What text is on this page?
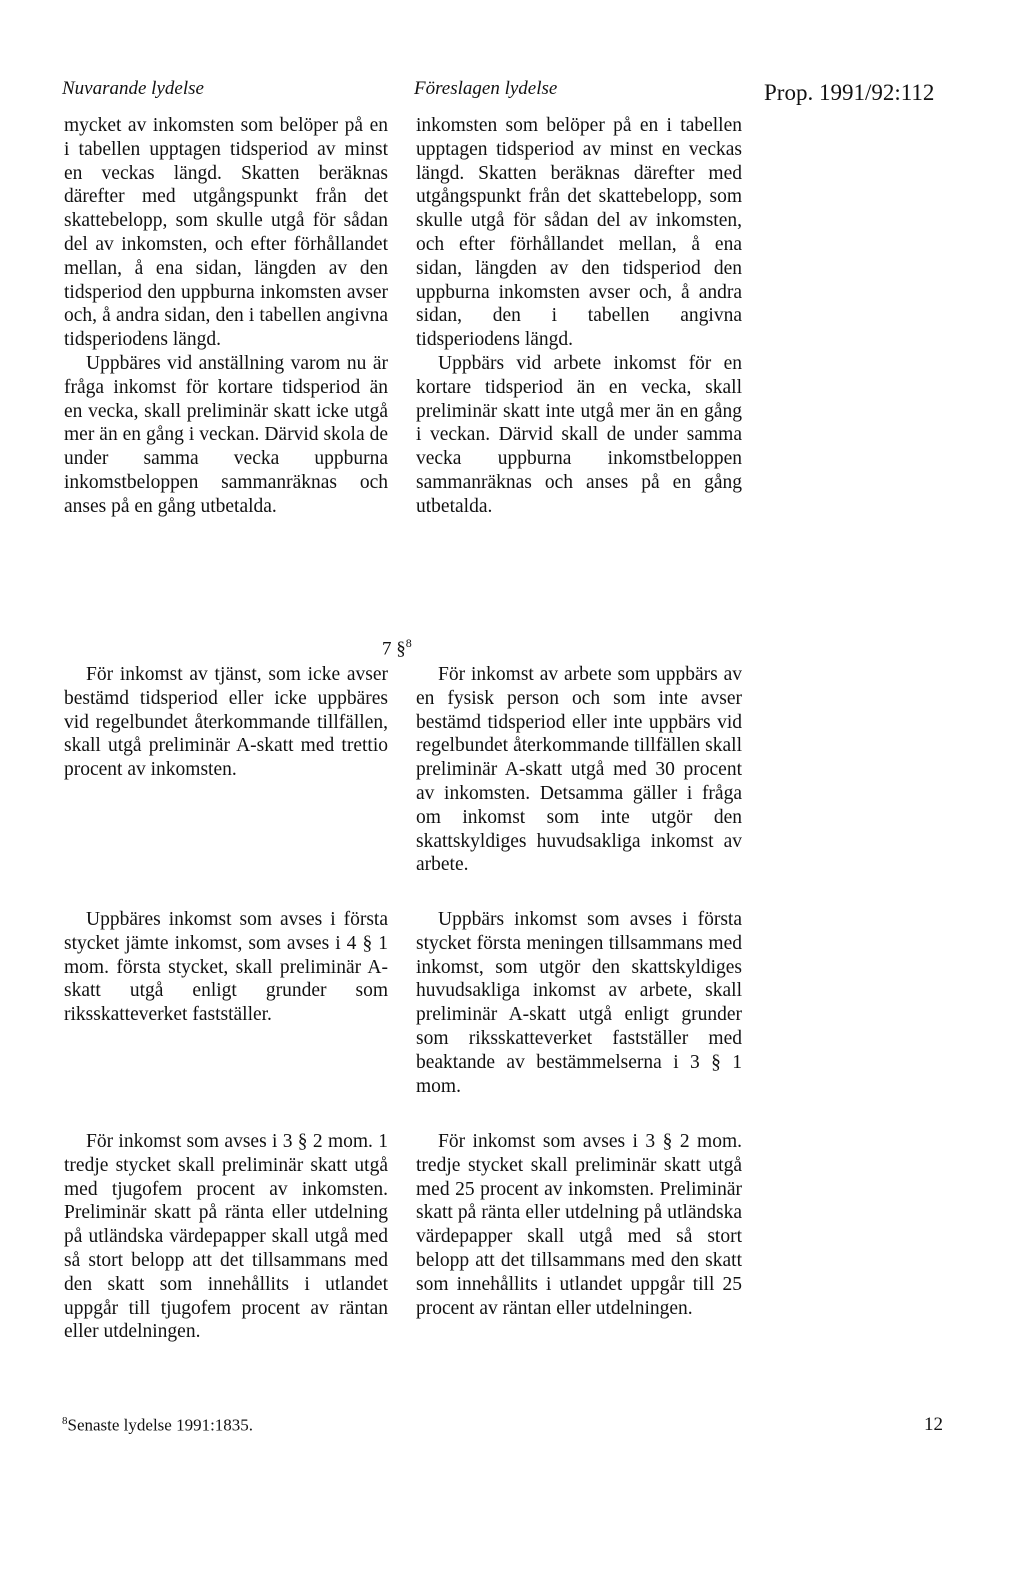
Nuvarande lydelse	Föreslagen lydelse	Prop. 1991/92:112

mycket av inkomsten som belöper på en i tabellen upptagen tidsperiod av minst en veckas längd. Skatten beräknas därefter med utgångspunkt från det skattebelopp, som skulle utgå för sådan del av inkomsten, och efter förhållandet mellan, å ena sidan, längden av den tidsperiod den uppburna inkomsten avser och, å andra sidan, den i tabellen angivna tidsperiodens längd.

Uppbäres vid anställning varom nu är fråga inkomst för kortare tidsperiod än en vecka, skall preliminär skatt icke utgå mer än en gång i veckan. Därvid skola de under samma vecka uppburna inkomstbeloppen sammanräknas och anses på en gång utbetalda.

inkomsten som belöper på en i tabellen upptagen tidsperiod av minst en veckas längd. Skatten beräknas därefter med utgångspunkt från det skattebelopp, som skulle utgå för sådan del av inkomsten, och efter förhållandet mellan, å ena sidan, längden av den tidsperiod den uppburna inkomsten avser och, å andra sidan, den i tabellen angivna tidsperiodens längd.

Uppbärs vid arbete inkomst för en kortare tidsperiod än en vecka, skall preliminär skatt inte utgå mer än en gång i veckan. Därvid skall de under samma vecka uppburna inkomstbeloppen sammanräknas och anses på en gång utbetalda.

7 §$^8$

För inkomst av tjänst, som icke avser bestämd tidsperiod eller icke uppbäres vid regelbundet återkommande tillfällen, skall utgå preliminär A-skatt med trettio procent av inkomsten.

För inkomst av arbete som uppbärs av en fysisk person och som inte avser bestämd tidsperiod eller inte uppbärs vid regelbundet återkommande tillfällen skall preliminär A-skatt utgå med 30 procent av inkomsten. Detsamma gäller i fråga om inkomst som inte utgör den skattskyldiges huvudsakliga inkomst av arbete.

Uppbäres inkomst som avses i första stycket jämte inkomst, som avses i 4 § 1 mom. första stycket, skall preliminär A-skatt utgå enligt grunder som riksskatteverket fastställer.

Uppbärs inkomst som avses i första stycket första meningen tillsammans med inkomst, som utgör den skattskyldiges huvudsakliga inkomst av arbete, skall preliminär A-skatt utgå enligt grunder som riksskatteverket fastställer med beaktande av bestämmelserna i 3 § 1 mom.

För inkomst som avses i 3 § 2 mom. 1 tredje stycket skall preliminär skatt utgå med tjugofem procent av inkomsten. Preliminär skatt på ränta eller utdelning på utländska värdepapper skall utgå med så stort belopp att det tillsammans med den skatt som innehållits i utlandet uppgår till tjugofem procent av räntan eller utdelningen.

För inkomst som avses i 3 § 2 mom. tredje stycket skall preliminär skatt utgå med 25 procent av inkomsten. Preliminär skatt på ränta eller utdelning på utländska värdepapper skall utgå med så stort belopp att det tillsammans med den skatt som innehållits i utlandet uppgår till 25 procent av räntan eller utdelningen.

$^8$Senaste lydelse 1991:1835.	12
